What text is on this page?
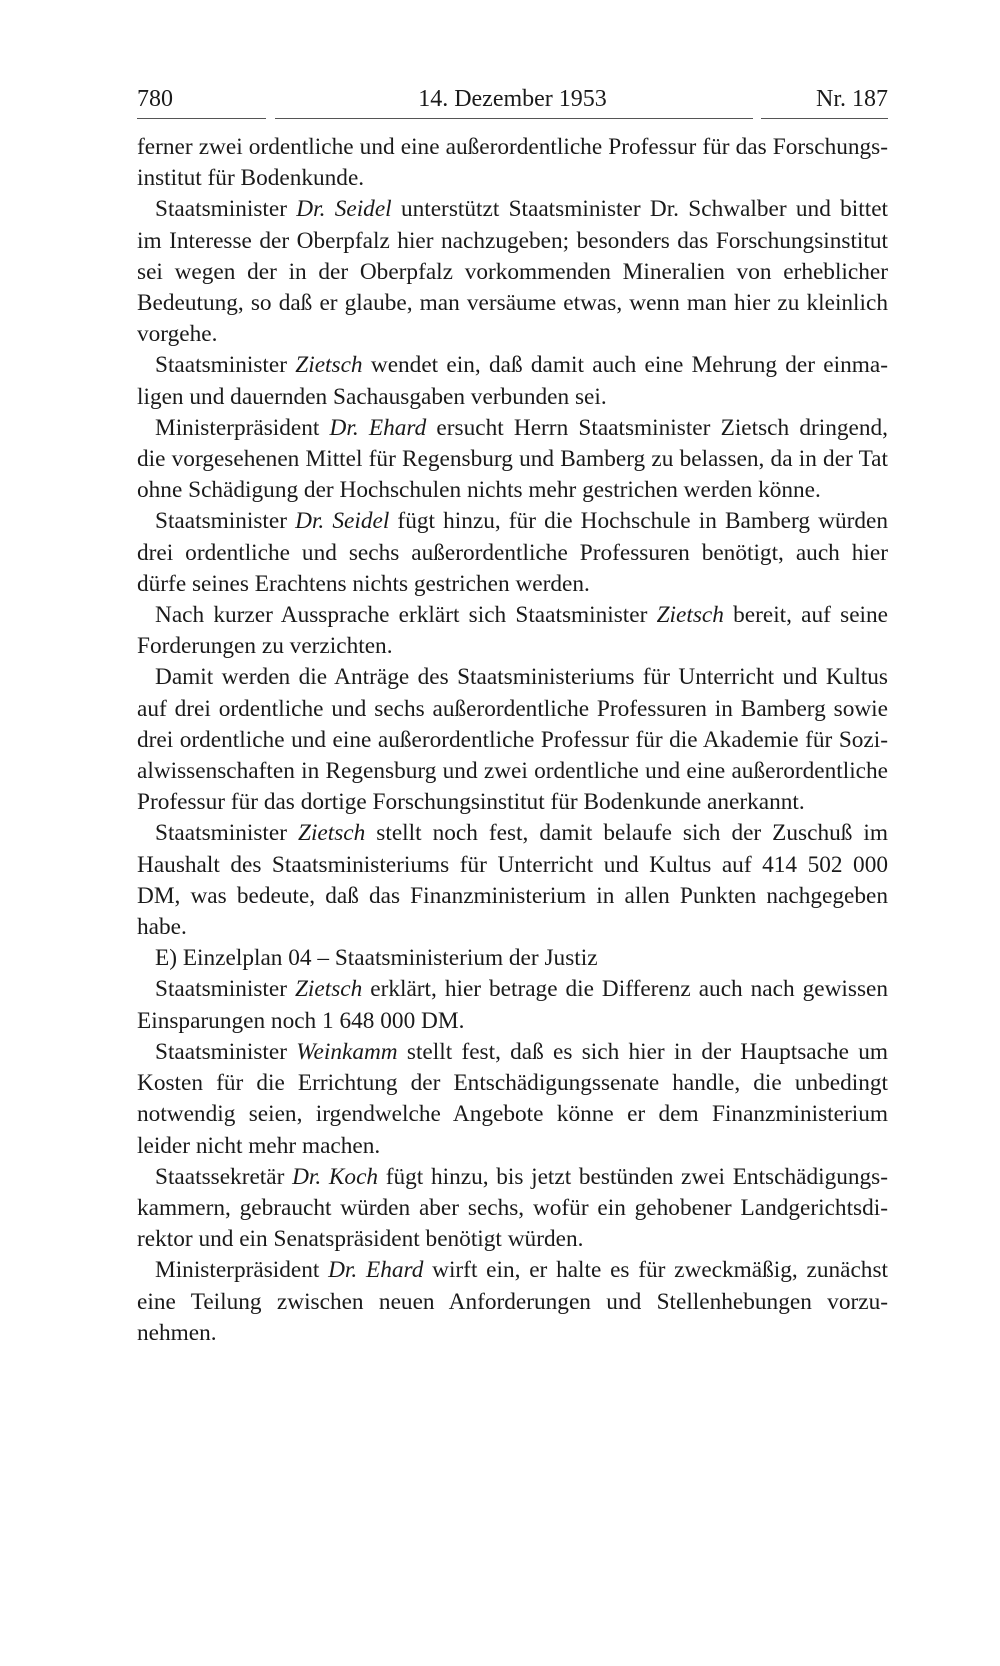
780	14. Dezember 1953	Nr. 187

ferner zwei ordentliche und eine außerordentliche Professur für das Forschungsinstitut für Bodenkunde.

Staatsminister Dr. Seidel unterstützt Staatsminister Dr. Schwalber und bittet im Interesse der Oberpfalz hier nachzugeben; besonders das Forschungsinstitut sei wegen der in der Oberpfalz vorkommenden Mineralien von erheblicher Bedeutung, so daß er glaube, man versäume etwas, wenn man hier zu kleinlich vorgehe.

Staatsminister Zietsch wendet ein, daß damit auch eine Mehrung der einmaligen und dauernden Sachausgaben verbunden sei.

Ministerpräsident Dr. Ehard ersucht Herrn Staatsminister Zietsch dringend, die vorgesehenen Mittel für Regensburg und Bamberg zu belassen, da in der Tat ohne Schädigung der Hochschulen nichts mehr gestrichen werden könne.

Staatsminister Dr. Seidel fügt hinzu, für die Hochschule in Bamberg würden drei ordentliche und sechs außerordentliche Professuren benötigt, auch hier dürfe seines Erachtens nichts gestrichen werden.

Nach kurzer Aussprache erklärt sich Staatsminister Zietsch bereit, auf seine Forderungen zu verzichten.

Damit werden die Anträge des Staatsministeriums für Unterricht und Kultus auf drei ordentliche und sechs außerordentliche Professuren in Bamberg sowie drei ordentliche und eine außerordentliche Professur für die Akademie für Sozialwissenschaften in Regensburg und zwei ordentliche und eine außerordentliche Professur für das dortige Forschungsinstitut für Bodenkunde anerkannt.

Staatsminister Zietsch stellt noch fest, damit belaufe sich der Zuschuß im Haushalt des Staatsministeriums für Unterricht und Kultus auf 414 502 000 DM, was bedeute, daß das Finanzministerium in allen Punkten nachgegeben habe.

E) Einzelplan 04 – Staatsministerium der Justiz

Staatsminister Zietsch erklärt, hier betrage die Differenz auch nach gewissen Einsparungen noch 1 648 000 DM.

Staatsminister Weinkamm stellt fest, daß es sich hier in der Hauptsache um Kosten für die Errichtung der Entschädigungssenate handle, die unbedingt notwendig seien, irgendwelche Angebote könne er dem Finanzministerium leider nicht mehr machen.

Staatssekretär Dr. Koch fügt hinzu, bis jetzt bestünden zwei Entschädigungskammern, gebraucht würden aber sechs, wofür ein gehobener Landgerichtsdirektor und ein Senatspräsident benötigt würden.

Ministerpräsident Dr. Ehard wirft ein, er halte es für zweckmäßig, zunächst eine Teilung zwischen neuen Anforderungen und Stellenhebungen vorzunehmen.
